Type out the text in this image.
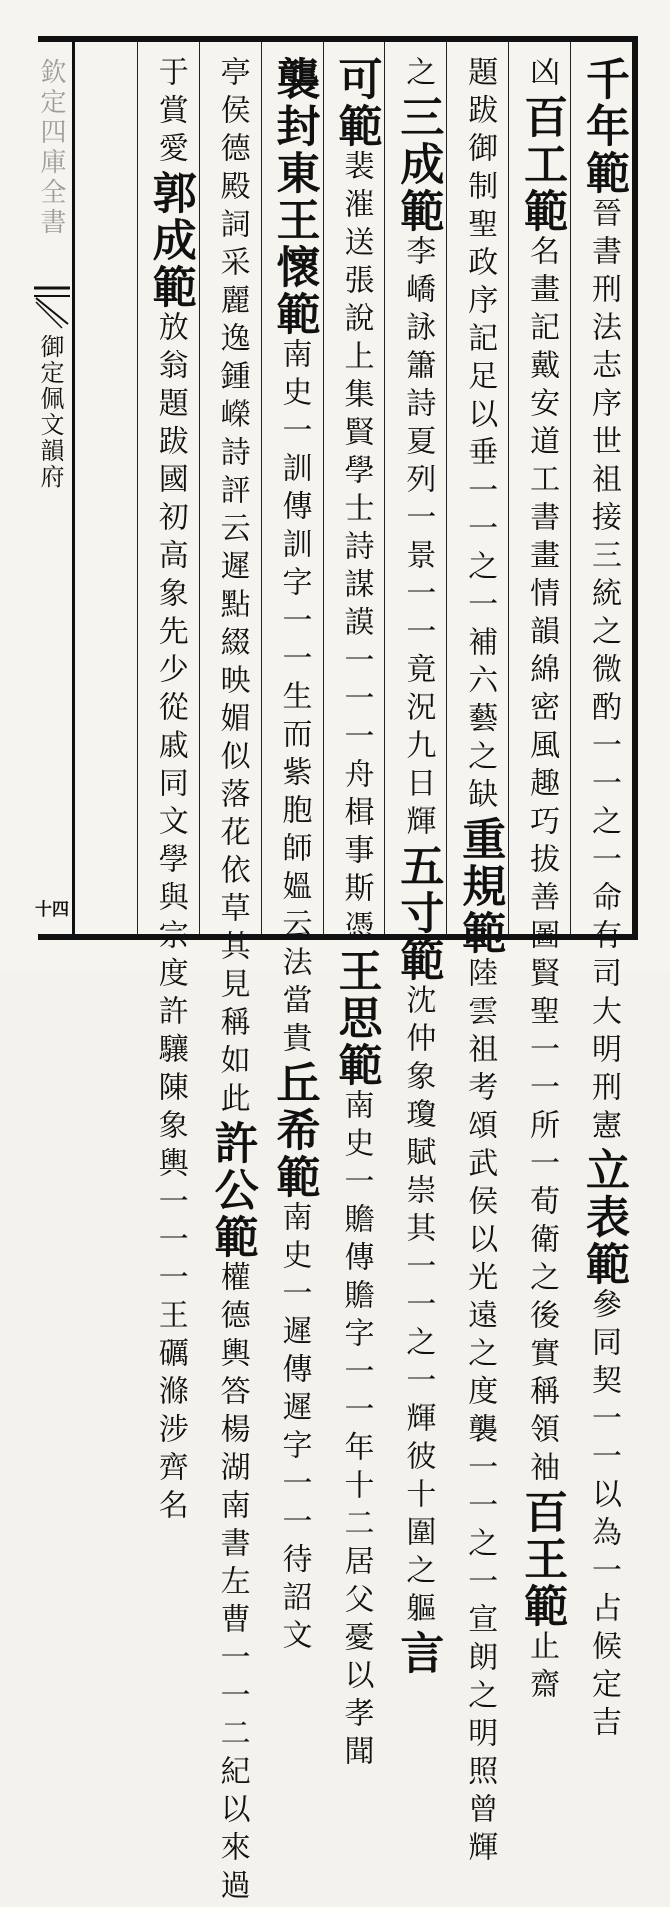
欽定四庫全書
御定佩文韻府
十四
千年範晉書刑法志序世祖接三統之微酌一一之一命有司大明刑憲立表範參同契一一以為一占候定吉
凶百工範名畫記戴安道工書畫情韻綿密風趣巧拔善圖賢聖一一所一荀衛之後實稱領袖百王範止齋
題跋御制聖政序記足以垂一一之一補六藝之缺重規範陸雲祖考頌武侯以光遠之度襲一一之一宣朗之明照曾輝
之三成範李嶠詠簫詩夏列一景一一竟況九日輝五寸範沈仲象瓊賦崇其一一之一輝彼十圍之軀言
可範裴漼送張說上集賢學士詩謀謨一一一舟楫事斯憑王思範南史一贍傳贍字一一年十二居父憂以孝聞
襲封東王懷範南史一訓傳訓字一一生而紫胞師媼云法當貴丘希範南史一遲傳遲字一一待詔文
亭侯德殿詞采麗逸鍾嶸詩評云遲點綴映媚似落花依草其見稱如此許公範權德輿答楊湖南書左曹一一二紀以來過
于賞愛郭成範放翁題跋國初高象先少從戚同文學與宗度許驤陳象輿一一一王礪滌涉齊名
